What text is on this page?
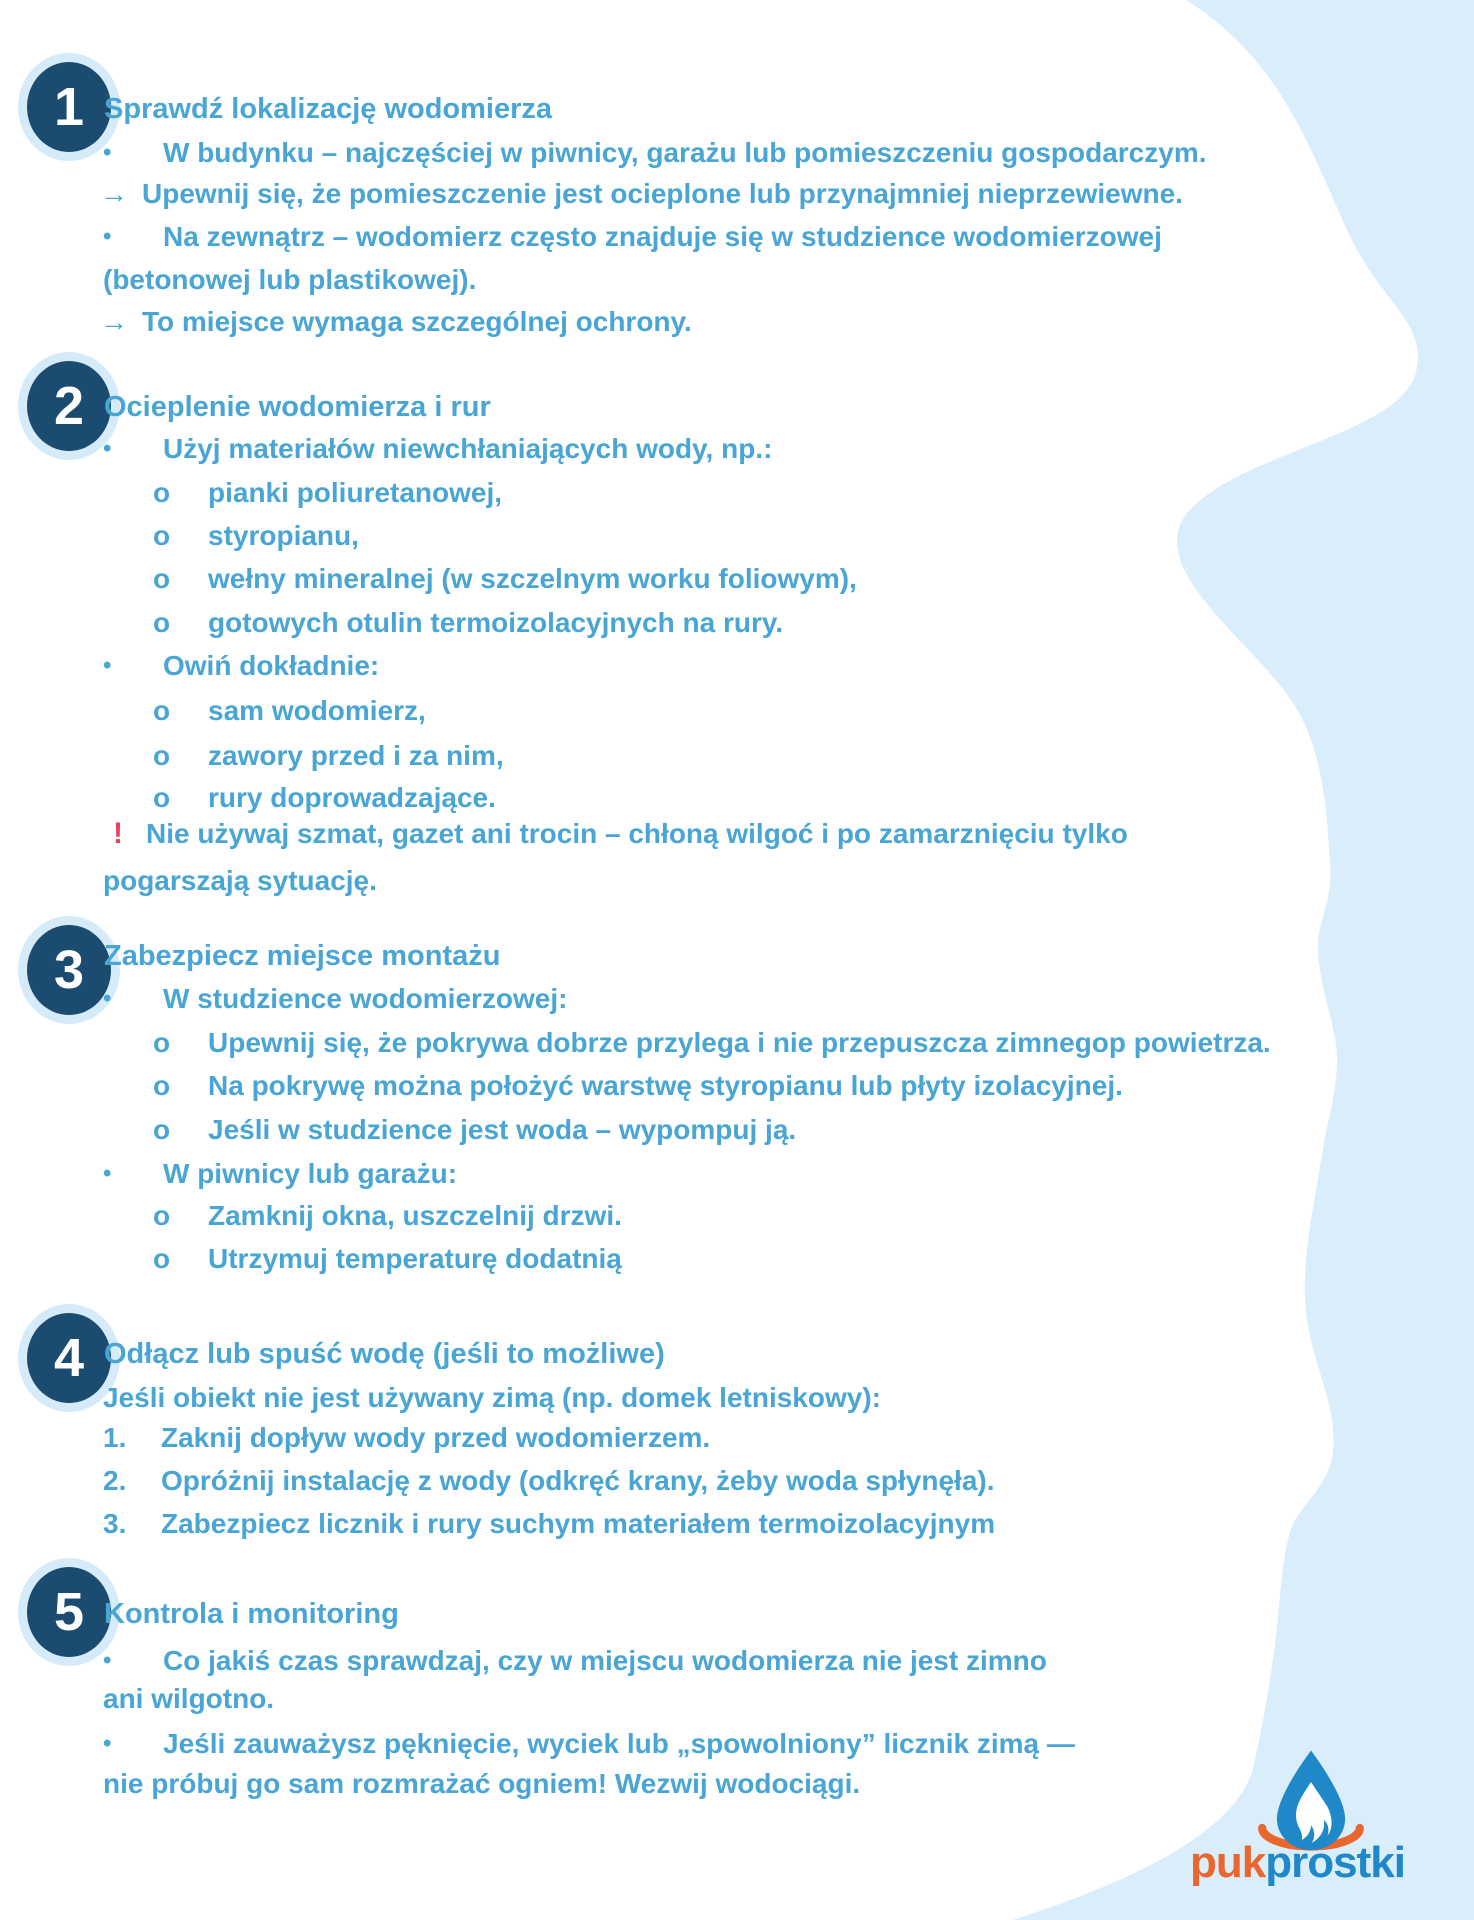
1 Sprawdź lokalizację wodomierza
•	W budynku – najczęściej w piwnicy, garażu lub pomieszczeniu gospodarczym.
→ Upewnij się, że pomieszczenie jest ocieplone lub przynajmniej nieprzewiewne.
•	Na zewnątrz – wodomierz często znajduje się w studzience wodomierzowej
(betonowej lub plastikowej).
→ To miejsce wymaga szczególnej ochrony.
2 Ocieplenie wodomierza i rur
•	Użyj materiałów niewchłaniających wody, np.:
o	pianki poliuretanowej,
o	styropianu,
o	wełny mineralnej (w szczelnym worku foliowym),
o	gotowych otulin termoizolacyjnych na rury.
•	Owiń dokładnie:
o	sam wodomierz,
o	zawory przed i za nim,
o	rury doprowadzające.
! Nie używaj szmat, gazet ani trocin – chłoną wilgoć i po zamarznięciu tylko
pogarszają sytuację.
3 Zabezpiecz miejsce montażu
•	W studzience wodomierzowej:
o	Upewnij się, że pokrywa dobrze przylega i nie przepuszcza zimnegop powietrza.
o	Na pokrywę można położyć warstwę styropianu lub płyty izolacyjnej.
o	Jeśli w studzience jest woda – wypompuj ją.
•	W piwnicy lub garażu:
o	Zamknij okna, uszczelnij drzwi.
o	Utrzymuj temperaturę dodatnią
4 Odłącz lub spuść wodę (jeśli to możliwe)
Jeśli obiekt nie jest używany zimą (np. domek letniskowy):
1.	Zaknij dopływ wody przed wodomierzem.
2.	Opróżnij instalację z wody (odkręć krany, żeby woda spłynęła).
3.	Zabezpiecz licznik i rury suchym materiałem termoizolacyjnym
5 Kontrola i monitoring
•	Co jakiś czas sprawdzaj, czy w miejscu wodomierza nie jest zimno
ani wilgotno.
•	Jeśli zauważysz pęknięcie, wyciek lub „spowolniony” licznik zimą —
nie próbuj go sam rozmrażać ogniem! Wezwij wodociągi.
pukprostki
